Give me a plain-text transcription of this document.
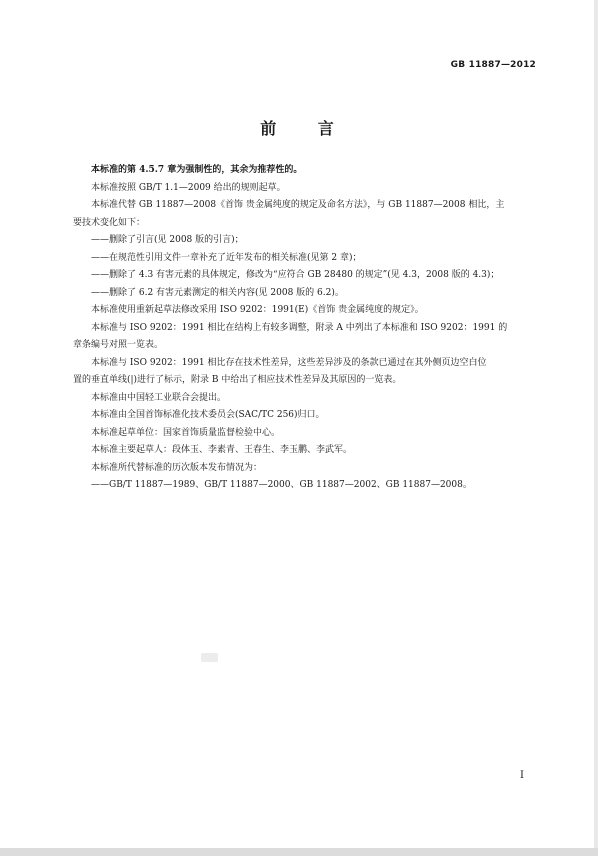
GB 11887—2012
前 言

本标准的第 4.5.7 章为强制性的，其余为推荐性的。

本标准按照 GB/T 1.1—2009 给出的规则起草。

本标准代替 GB 11887—2008《首饰 贵金属纯度的规定及命名方法》，与 GB 11887—2008 相比，主

要技术变化如下：

——删除了引言(见 2008 版的引言)；

——在规范性引用文件一章补充了近年发布的相关标准(见第 2 章)；

——删除了 4.3 有害元素的具体规定，修改为“应符合 GB 28480 的规定”(见 4.3，2008 版的 4.3)；

——删除了 6.2 有害元素测定的相关内容(见 2008 版的 6.2)。

本标准使用重新起草法修改采用 ISO 9202：1991(E)《首饰 贵金属纯度的规定》。

本标准与 ISO 9202：1991 相比在结构上有较多调整，附录 A 中列出了本标准和 ISO 9202：1991 的

章条编号对照一览表。

本标准与 ISO 9202：1991 相比存在技术性差异，这些差异涉及的条款已通过在其外侧页边空白位

置的垂直单线(|)进行了标示，附录 B 中给出了相应技术性差异及其原因的一览表。

本标准由中国轻工业联合会提出。

本标准由全国首饰标准化技术委员会(SAC/TC 256)归口。

本标准起草单位：国家首饰质量监督检验中心。

本标准主要起草人：段体玉、李素青、王春生、李玉鹏、李武军。

本标准所代替标准的历次版本发布情况为：

——GB/T 11887—1989、GB/T 11887—2000、GB 11887—2002、GB 11887—2008。

I
